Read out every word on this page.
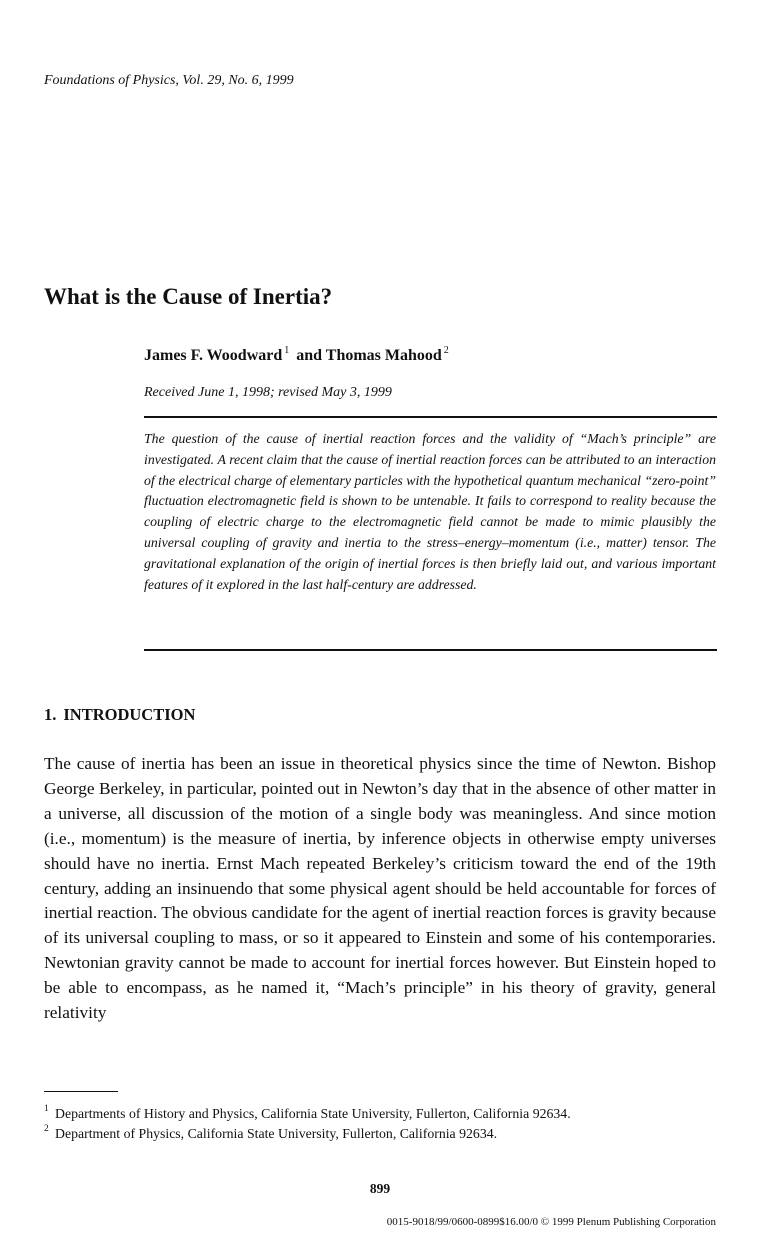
Foundations of Physics, Vol. 29, No. 6, 1999
What is the Cause of Inertia?
James F. Woodward $^1$ and Thomas Mahood $^2$
Received June 1, 1998; revised May 3, 1999

The question of the cause of inertial reaction forces and the validity of “Mach’s principle” are investigated. A recent claim that the cause of inertial reaction forces can be attributed to an interaction of the electrical charge of elementary particles with the hypothetical quantum mechanical “zero-point” fluctuation electromagnetic field is shown to be untenable. It fails to correspond to reality because the coupling of electric charge to the electromagnetic field cannot be made to mimic plausibly the universal coupling of gravity and inertia to the stress–energy–momentum (i.e., matter) tensor. The gravitational explanation of the origin of inertial forces is then briefly laid out, and various important features of it explored in the last half-century are addressed.

1. INTRODUCTION

The cause of inertia has been an issue in theoretical physics since the time of Newton. Bishop George Berkeley, in particular, pointed out in Newton’s day that in the absence of other matter in a universe, all discussion of the motion of a single body was meaningless. And since motion (i.e., momentum) is the measure of inertia, by inference objects in otherwise empty universes should have no inertia. Ernst Mach repeated Berkeley’s criticism toward the end of the 19th century, adding an insinuendo that some physical agent should be held accountable for forces of inertial reaction. The obvious candidate for the agent of inertial reaction forces is gravity because of its universal coupling to mass, or so it appeared to Einstein and some of his contemporaries. Newtonian gravity cannot be made to account for inertial forces however. But Einstein hoped to be able to encompass, as he named it, “Mach’s principle” in his theory of gravity, general relativity

1 Departments of History and Physics, California State University, Fullerton, California 92634.
2 Department of Physics, California State University, Fullerton, California 92634.
899
0015-9018/99/0600-0899$16.00/0 © 1999 Plenum Publishing Corporation
